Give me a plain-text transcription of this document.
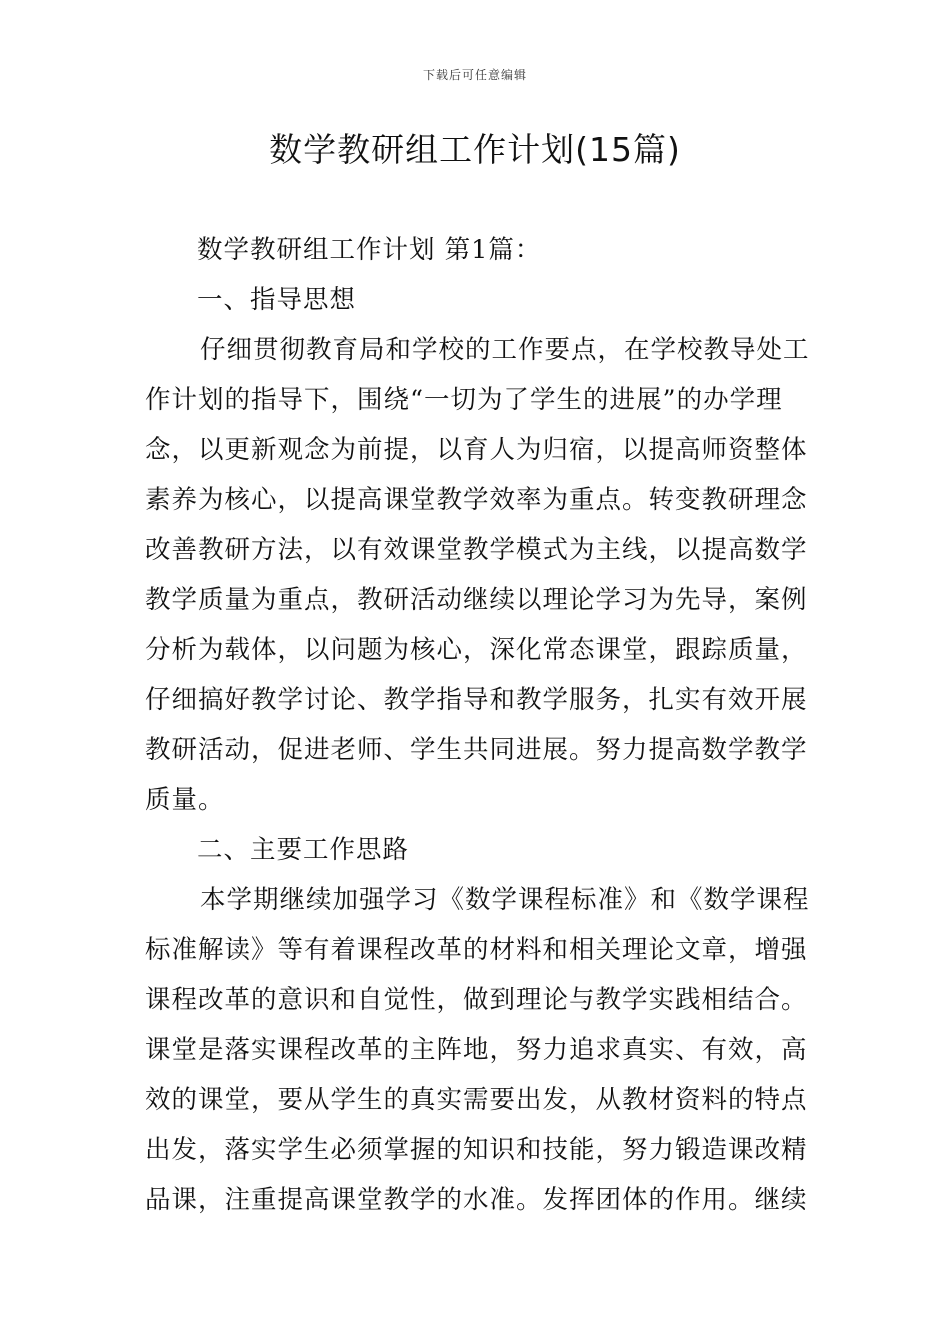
下载后可任意编辑
数学教研组工作计划(15篇)
数学教研组工作计划 第1篇：
一、指导思想
仔细贯彻教育局和学校的工作要点，在学校教导处工
作计划的指导下，围绕“一切为了学生的进展”的办学理
念，以更新观念为前提，以育人为归宿，以提高师资整体
素养为核心，以提高课堂教学效率为重点。转变教研理念
改善教研方法，以有效课堂教学模式为主线，以提高数学
教学质量为重点，教研活动继续以理论学习为先导，案例
分析为载体，以问题为核心，深化常态课堂，跟踪质量，
仔细搞好教学讨论、教学指导和教学服务，扎实有效开展
教研活动，促进老师、学生共同进展。努力提高数学教学
质量。
二、主要工作思路
本学期继续加强学习《数学课程标准》和《数学课程
标准解读》等有着课程改革的材料和相关理论文章，增强
课程改革的意识和自觉性，做到理论与教学实践相结合。
课堂是落实课程改革的主阵地，努力追求真实、有效，高
效的课堂，要从学生的真实需要出发，从教材资料的特点
出发，落实学生必须掌握的知识和技能，努力锻造课改精
品课，注重提高课堂教学的水准。发挥团体的作用。继续
